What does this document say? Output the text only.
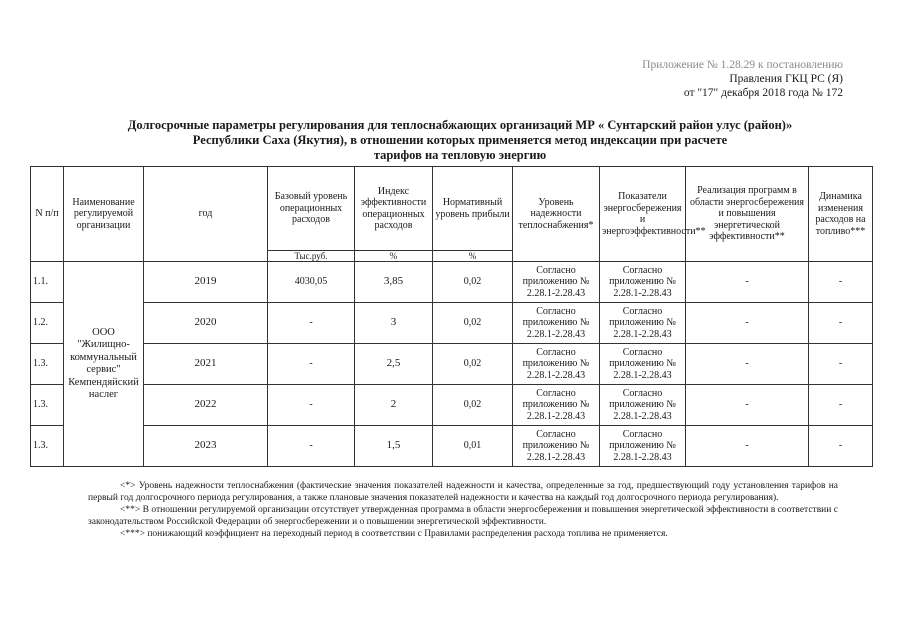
Приложение № 1.28.29 к постановлению
Правления ГКЦ РС (Я)
от "17" декабря 2018 года № 172
Долгосрочные параметры регулирования для теплоснабжающих организаций МР « Сунтарский район улус (район)»
Республики Саха (Якутия), в отношении которых применяется метод индексации при расчете
тарифов на тепловую энергию
N п/п	Наименование регулируемой организации	год	Базовый уровень операционных расходов	Индекс эффективности операционных расходов	Нормативный уровень прибыли	Уровень надежности теплоснабжения*	Показатели энергосбережения и энергоэффективности**	Реализация программ в области энергосбережения и повышения энергетической эффективности**	Динамика изменения расходов на топливо***
			Тыс.руб.	%	%				
1.1.	ООО "Жилищно-коммунальный сервис" Кемпендяйский наслег	2019	4030,05	3,85	0,02	Согласно приложению № 2.28.1-2.28.43	Согласно приложению № 2.28.1-2.28.43	-	-
1.2.		2020	-	3	0,02	Согласно приложению № 2.28.1-2.28.43	Согласно приложению № 2.28.1-2.28.43	-	-
1.3.		2021	-	2,5	0,02	Согласно приложению № 2.28.1-2.28.43	Согласно приложению № 2.28.1-2.28.43	-	-
1.3.		2022	-	2	0,02	Согласно приложению № 2.28.1-2.28.43	Согласно приложению № 2.28.1-2.28.43	-	-
1.3.		2023	-	1,5	0,01	Согласно приложению № 2.28.1-2.28.43	Согласно приложению № 2.28.1-2.28.43	-	-

<*> Уровень надежности теплоснабжения (фактические значения показателей надежности и качества, определенные за год, предшествующий году установления тарифов на первый год долгосрочного периода регулирования, а также плановые значения показателей надежности и качества на каждый год долгосрочного периода регулирования).

<**> В отношении регулируемой организации отсутствует утвержденная программа в области энергосбережения и повышения энергетической эффективности в соответствии с законодательством Российской Федерации об энергосбережении и о повышении энергетической эффективности.

<***> понижающий коэффициент на переходный период в соответствии с Правилами распределения расхода топлива не применяется.
